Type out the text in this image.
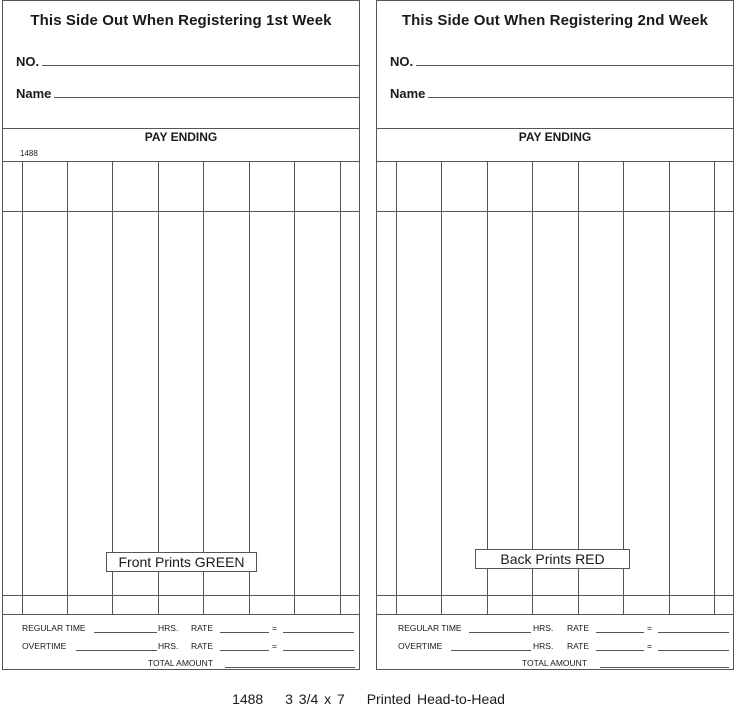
This Side Out When Registering 1st Week
NO.
Name
PAY ENDING
1488
Front Prints GREEN
REGULAR TIME	HRS. RATE	=
OVERTIME	HRS. RATE	=
TOTAL AMOUNT
This Side Out When Registering 2nd Week
NO.
Name
PAY ENDING
Back Prints RED
REGULAR TIME	HRS. RATE	=
OVERTIME	HRS. RATE	=
TOTAL AMOUNT
1488 3 3/4 x 7 Printed Head-to-Head
